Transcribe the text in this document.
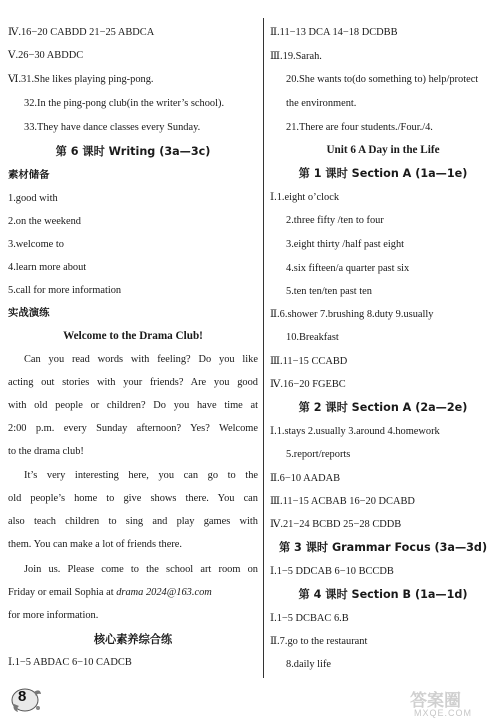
Ⅳ.16−20 CABDD 21−25 ABDCA
Ⅴ.26−30 ABDDC
Ⅵ.31.She likes playing ping-pong.
32.In the ping-pong club(in the writer’s school).
33.They have dance classes every Sunday.
第 6 课时 Writing (3a—3c)
素材储备
1.good with
2.on the weekend
3.welcome to
4.learn more about
5.call for more information
实战演练
Welcome to the Drama Club!
Can you read words with feeling? Do you like
acting out stories with your friends? Are you good
with old people or children? Do you have time at
2:00 p.m. every Sunday afternoon? Yes? Welcome
to the drama club!
It’s very interesting here, you can go to the
old people’s home to give shows there. You can
also teach children to sing and play games with
them. You can make a lot of friends there.
Join us. Please come to the school art room on
Friday or email Sophia at drama 2024@163.com
for more information.
核心素养综合练
Ⅰ.1−5 ABDAC 6−10 CADCB
Ⅱ.11−13 DCA 14−18 DCDBB
Ⅲ.19.Sarah.
20.She wants to(do something to) help/protect
the environment.
21.There are four students./Four./4.
Unit 6 A Day in the Life
第 1 课时 Section A (1a—1e)
Ⅰ.1.eight o’clock
2.three fifty /ten to four
3.eight thirty /half past eight
4.six fifteen/a quarter past six
5.ten ten/ten past ten
Ⅱ.6.shower 7.brushing 8.duty 9.usually
10.Breakfast
Ⅲ.11−15 CCABD
Ⅳ.16−20 FGEBC
第 2 课时 Section A (2a—2e)
Ⅰ.1.stays 2.usually 3.around 4.homework
5.report/reports
Ⅱ.6−10 AADAB
Ⅲ.11−15 ACBAB 16−20 DCABD
Ⅳ.21−24 BCBD 25−28 CDDB
第 3 课时 Grammar Focus (3a—3d)
Ⅰ.1−5 DDCAB 6−10 BCCDB
第 4 课时 Section B (1a—1d)
Ⅰ.1−5 DCBAC 6.B
Ⅱ.7.go to the restaurant
8.daily life
8	答案圈
MXQE.COM
